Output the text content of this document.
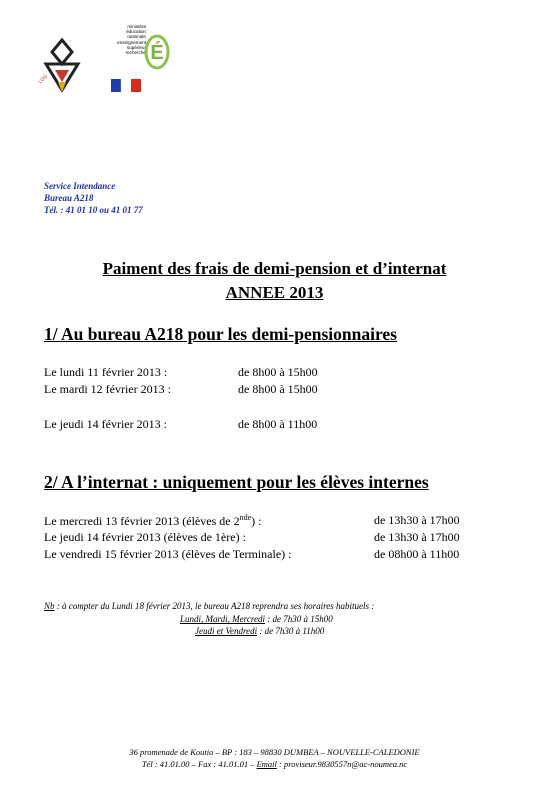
LGG
ministère
éducation
nationale
enseignement
supérieur
recherche É
Service Intendance
Bureau A218
Tél. : 41 01 10 ou 41 01 77
Paiment des frais de demi-pension et d’internat
ANNEE 2013
1/ Au bureau A218 pour les demi-pensionnaires
Le lundi 11 février 2013 :	de 8h00 à 15h00
Le mardi 12 février 2013 :	de 8h00 à 15h00
Le jeudi 14 février 2013 :	de 8h00 à 11h00
2/ A l’internat : uniquement pour les élèves internes
Le mercredi 13 février 2013 (élèves de 2nde) :	de 13h30 à 17h00
Le jeudi 14 février 2013 (élèves de 1ère) :	de 13h30 à 17h00
Le vendredi 15 février 2013 (élèves de Terminale) :	de 08h00 à 11h00
Nb : à compter du Lundi 18 février 2013, le bureau A218 reprendra ses horaires habituels :
Lundi, Mardi, Mercredi : de 7h30 à 15h00
Jeudi et Vendredi : de 7h30 à 11h00
36 promenade de Koutio – BP : 183 – 98830 DUMBEA – NOUVELLE-CALEDONIE
Tél : 41.01.00 – Fax : 41.01.01 – Email : proviseur.9830557n@ac-noumea.nc
